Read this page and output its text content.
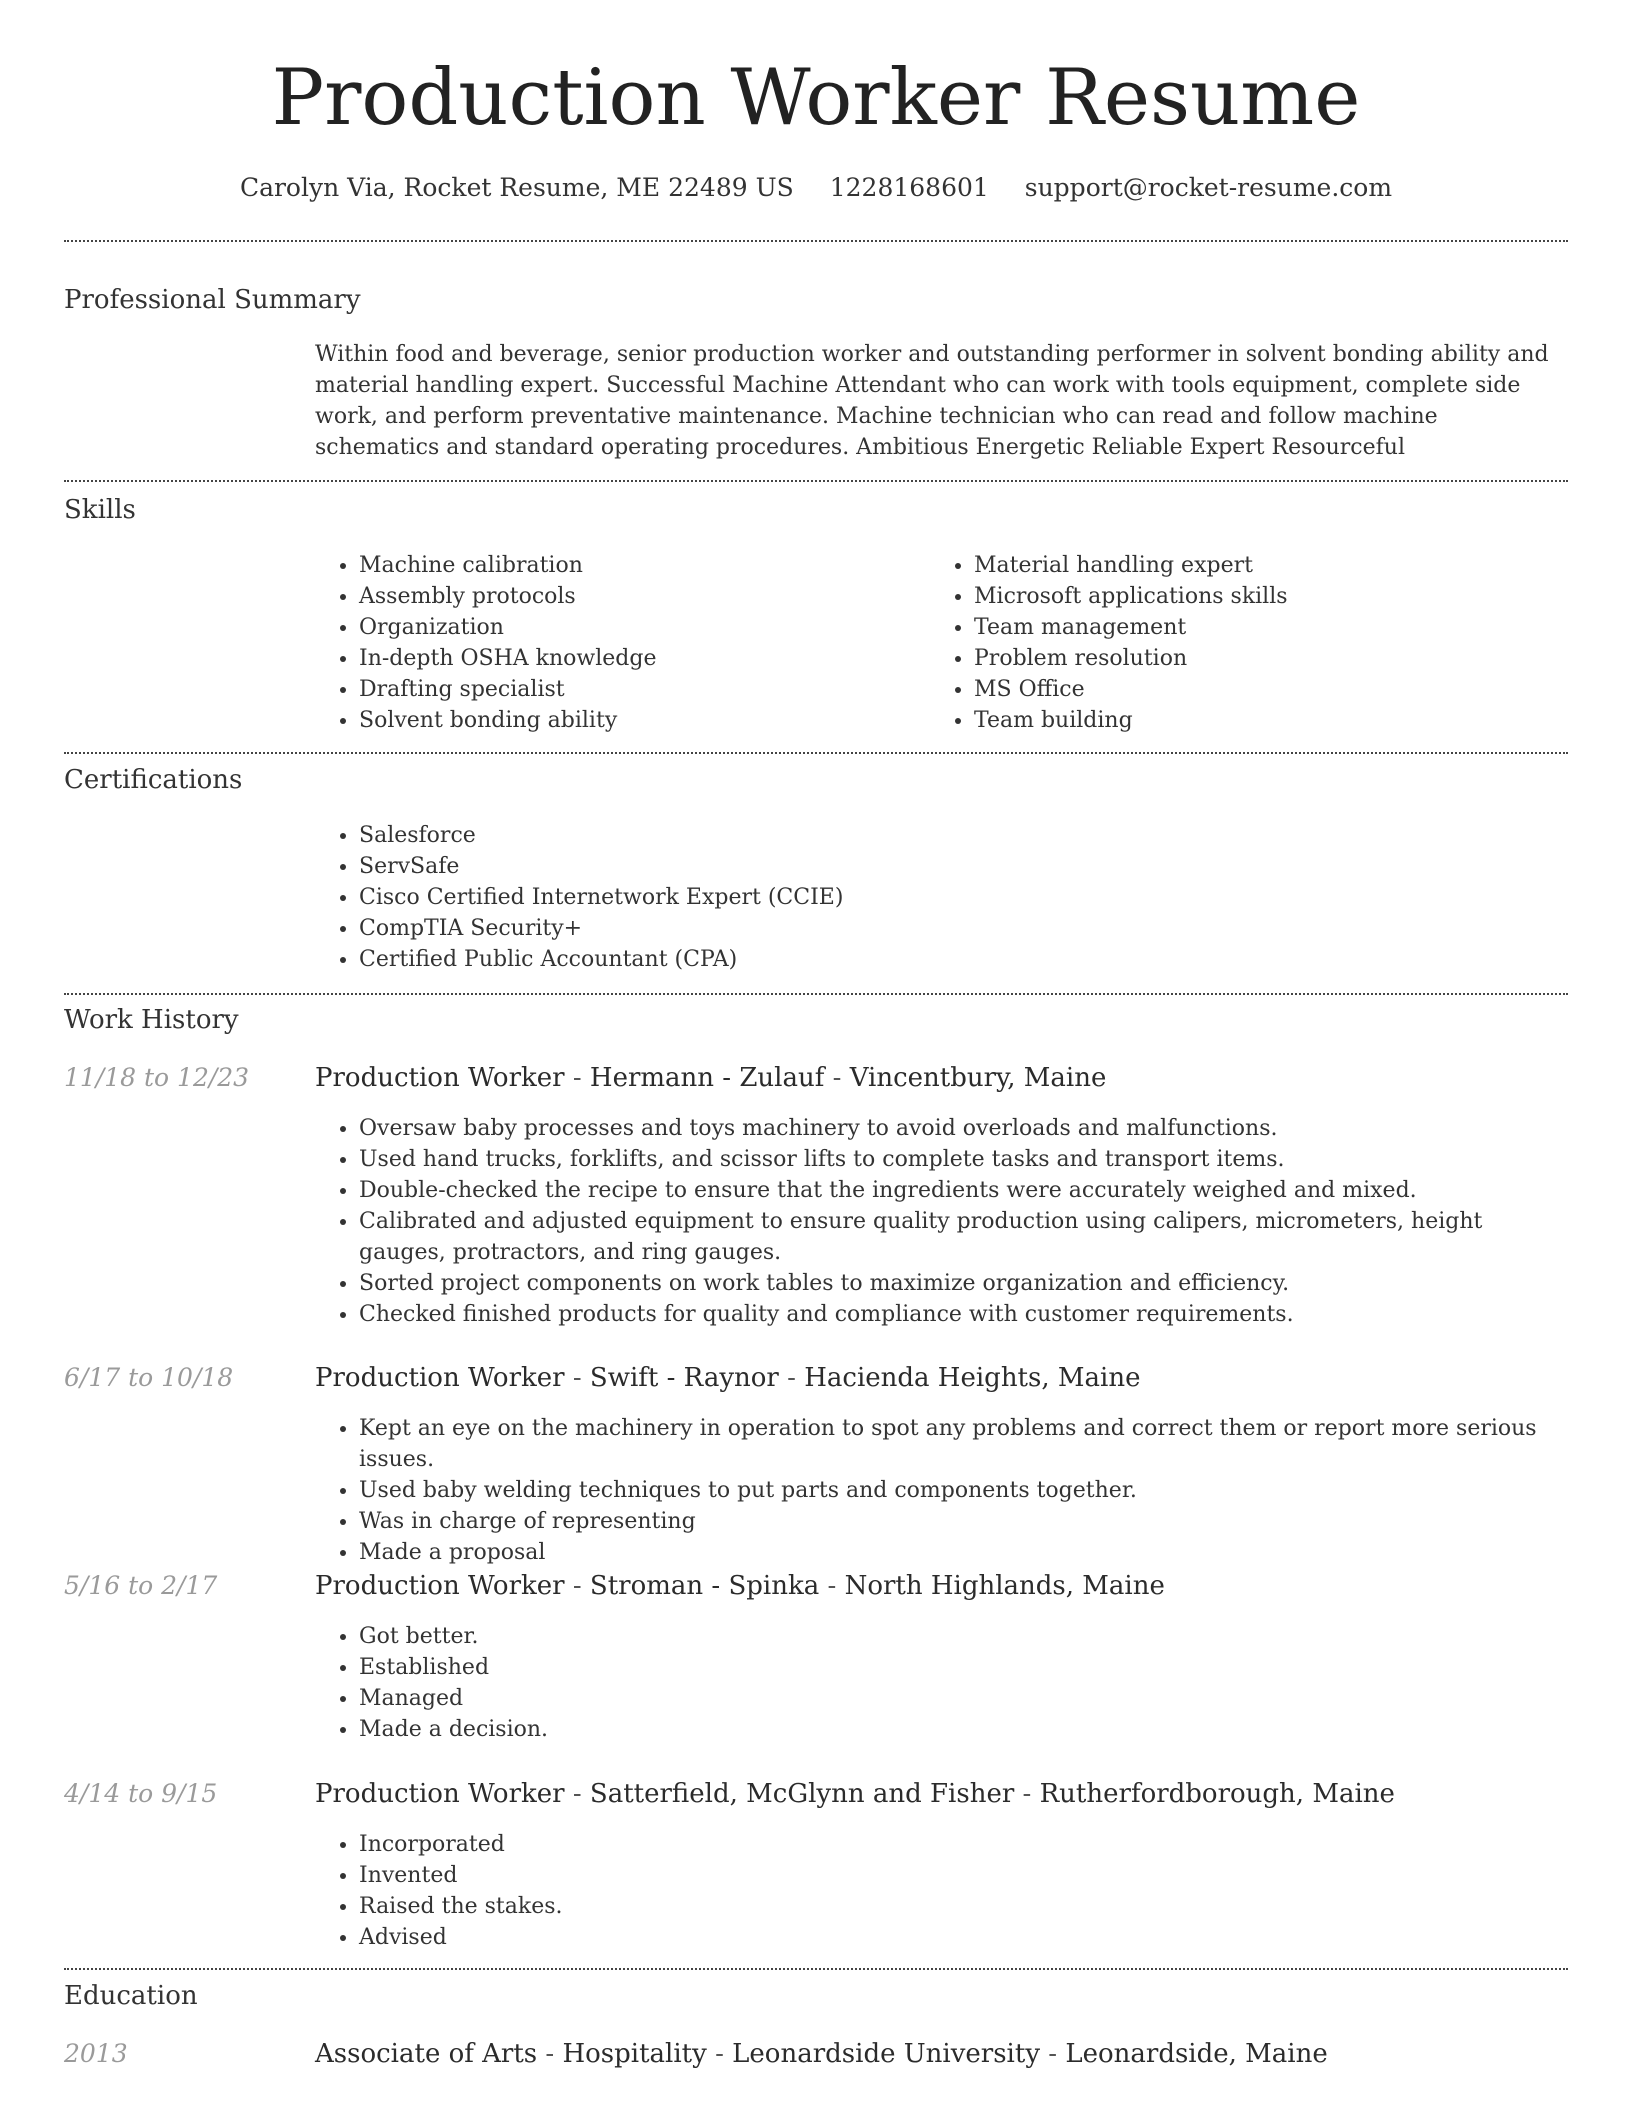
Production Worker Resume
Carolyn Via, Rocket Resume, ME 22489 US 1228168601 support@rocket-resume.com
Professional Summary
Within food and beverage, senior production worker and outstanding performer in solvent bonding ability and material handling expert. Successful Machine Attendant who can work with tools equipment, complete side work, and perform preventative maintenance. Machine technician who can read and follow machine schematics and standard operating procedures. Ambitious Energetic Reliable Expert Resourceful
Skills
• Machine calibration
• Assembly protocols
• Organization
• In-depth OSHA knowledge
• Drafting specialist
• Solvent bonding ability
• Material handling expert
• Microsoft applications skills
• Team management
• Problem resolution
• MS Office
• Team building
Certifications
• Salesforce
• ServSafe
• Cisco Certified Internetwork Expert (CCIE)
• CompTIA Security+
• Certified Public Accountant (CPA)
Work History
11/18 to 12/23	Production Worker - Hermann - Zulauf - Vincentbury, Maine
• Oversaw baby processes and toys machinery to avoid overloads and malfunctions.
• Used hand trucks, forklifts, and scissor lifts to complete tasks and transport items.
• Double-checked the recipe to ensure that the ingredients were accurately weighed and mixed.
• Calibrated and adjusted equipment to ensure quality production using calipers, micrometers, height gauges, protractors, and ring gauges.
• Sorted project components on work tables to maximize organization and efficiency.
• Checked finished products for quality and compliance with customer requirements.
6/17 to 10/18	Production Worker - Swift - Raynor - Hacienda Heights, Maine
• Kept an eye on the machinery in operation to spot any problems and correct them or report more serious issues.
• Used baby welding techniques to put parts and components together.
• Was in charge of representing
• Made a proposal
5/16 to 2/17	Production Worker - Stroman - Spinka - North Highlands, Maine
• Got better.
• Established
• Managed
• Made a decision.
4/14 to 9/15	Production Worker - Satterfield, McGlynn and Fisher - Rutherfordborough, Maine
• Incorporated
• Invented
• Raised the stakes.
• Advised
Education
2013	Associate of Arts - Hospitality - Leonardside University - Leonardside, Maine
